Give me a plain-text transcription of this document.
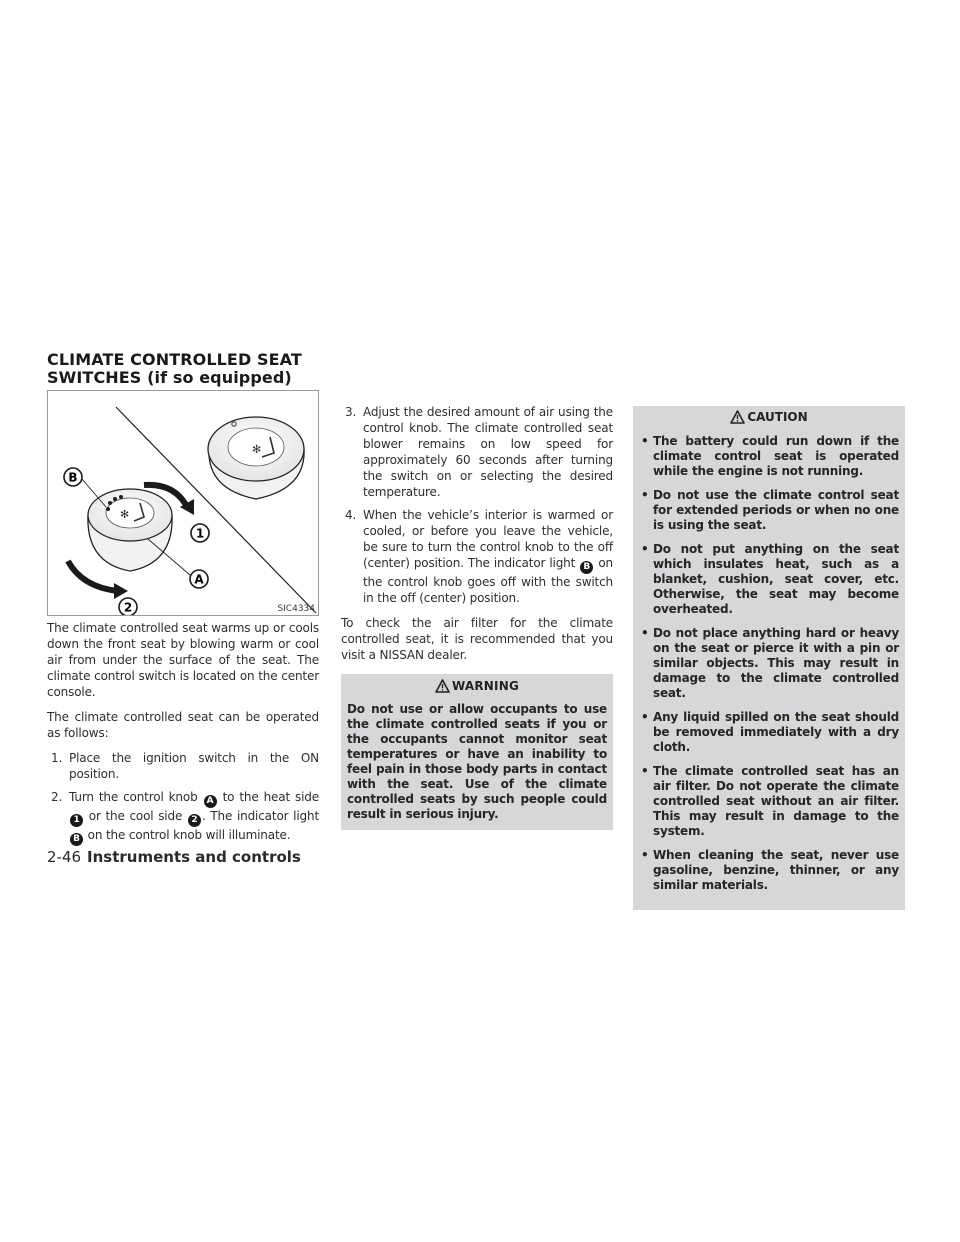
CLIMATE CONTROLLED SEAT
SWITCHES (if so equipped)
✻
✻
B
A
1
2	SIC4334

The climate controlled seat warms up or cools down the front seat by blowing warm or cool air from under the surface of the seat. The climate control switch is located on the center console.

The climate controlled seat can be operated as follows:

1. Place the ignition switch in the ON position.
2. Turn the control knob A to the heat side 1 or the cool side 2 . The indicator light B on the control knob will illuminate.
3. Adjust the desired amount of air using the control knob. The climate controlled seat blower remains on low speed for approximately 60 seconds after turning the switch on or selecting the desired temperature.
4. When the vehicle’s interior is warmed or cooled, or before you leave the vehicle, be sure to turn the control knob to the off (center) position. The indicator light B on the control knob goes off with the switch in the off (center) position.

To check the air filter for the climate controlled seat, it is recommended that you visit a NISSAN dealer.

WARNING
Do not use or allow occupants to use the climate controlled seats if you or the occupants cannot monitor seat temperatures or have an inability to feel pain in those body parts in contact with the seat. Use of the climate controlled seats by such people could result in serious injury.
CAUTION
• The battery could run down if the climate control seat is operated while the engine is not running.
• Do not use the climate control seat for extended periods or when no one is using the seat.
• Do not put anything on the seat which insulates heat, such as a blanket, cushion, seat cover, etc. Otherwise, the seat may become overheated.
• Do not place anything hard or heavy on the seat or pierce it with a pin or similar objects. This may result in damage to the climate controlled seat.
• Any liquid spilled on the seat should be removed immediately with a dry cloth.
• The climate controlled seat has an air filter. Do not operate the climate controlled seat without an air filter. This may result in damage to the system.
• When cleaning the seat, never use gasoline, benzine, thinner, or any similar materials.
2-46 Instruments and controls
